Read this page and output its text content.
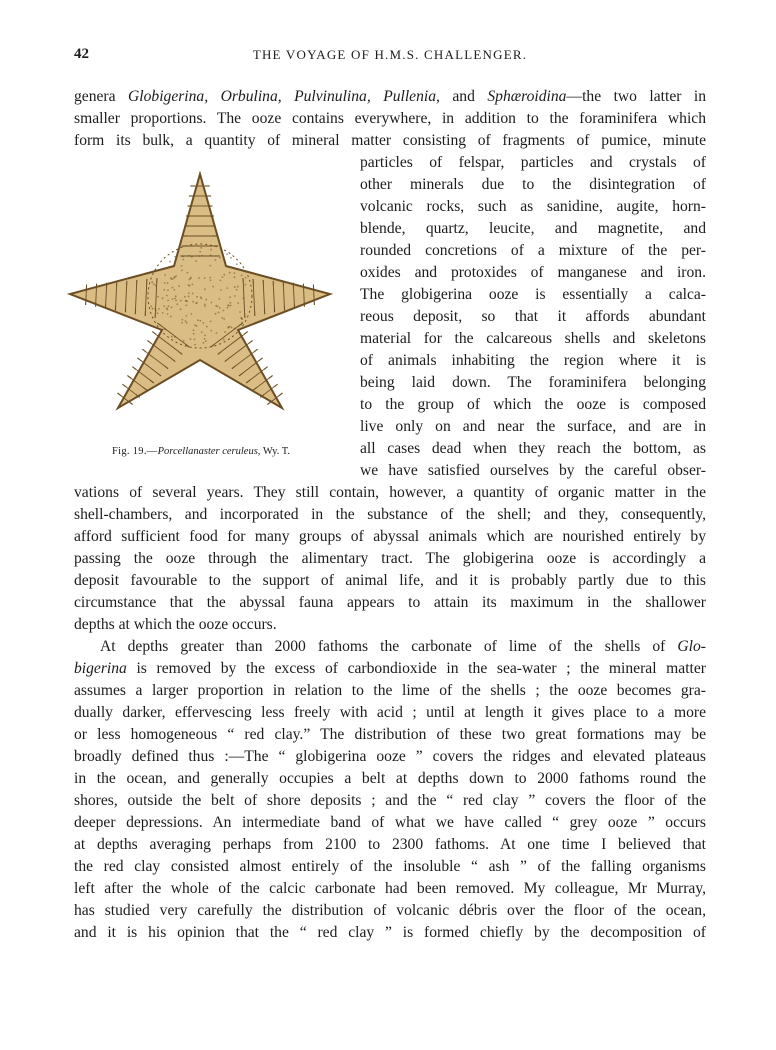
42	THE VOYAGE OF H.M.S. CHALLENGER.
genera Globigerina, Orbulina, Pulvinulina, Pullenia, and Sphæroidina—the two latter in
smaller proportions. The ooze contains everywhere, in addition to the foraminifera which
form its bulk, a quantity of mineral matter consisting of fragments of pumice, minute
particles of felspar, particles and crystals of
other minerals due to the disintegration of
volcanic rocks, such as sanidine, augite, horn-
blende, quartz, leucite, and magnetite, and
rounded concretions of a mixture of the per-
oxides and protoxides of manganese and iron.
The globigerina ooze is essentially a calca-
reous deposit, so that it affords abundant
material for the calcareous shells and skeletons
of animals inhabiting the region where it is
being laid down. The foraminifera belonging
to the group of which the ooze is composed
live only on and near the surface, and are in
all cases dead when they reach the bottom, as
we have satisfied ourselves by the careful obser-
vations of several years. They still contain, however, a quantity of organic matter in the
shell-chambers, and incorporated in the substance of the shell; and they, consequently,
afford sufficient food for many groups of abyssal animals which are nourished entirely by
passing the ooze through the alimentary tract. The globigerina ooze is accordingly a
deposit favourable to the support of animal life, and it is probably partly due to this
circumstance that the abyssal fauna appears to attain its maximum in the shallower
depths at which the ooze occurs.
At depths greater than 2000 fathoms the carbonate of lime of the shells of Glo-
bigerina is removed by the excess of carbondioxide in the sea-water ; the mineral matter
assumes a larger proportion in relation to the lime of the shells ; the ooze becomes gra-
dually darker, effervescing less freely with acid ; until at length it gives place to a more
or less homogeneous “ red clay.” The distribution of these two great formations may be
broadly defined thus :—The “ globigerina ooze ” covers the ridges and elevated plateaus
in the ocean, and generally occupies a belt at depths down to 2000 fathoms round the
shores, outside the belt of shore deposits ; and the “ red clay ” covers the floor of the
deeper depressions. An intermediate band of what we have called “ grey ooze ” occurs
at depths averaging perhaps from 2100 to 2300 fathoms. At one time I believed that
the red clay consisted almost entirely of the insoluble “ ash ” of the falling organisms
left after the whole of the calcic carbonate had been removed. My colleague, Mr Murray,
has studied very carefully the distribution of volcanic débris over the floor of the ocean,
and it is his opinion that the “ red clay ” is formed chiefly by the decomposition of
Fig. 19.—Porcellanaster ceruleus, Wy. T.
